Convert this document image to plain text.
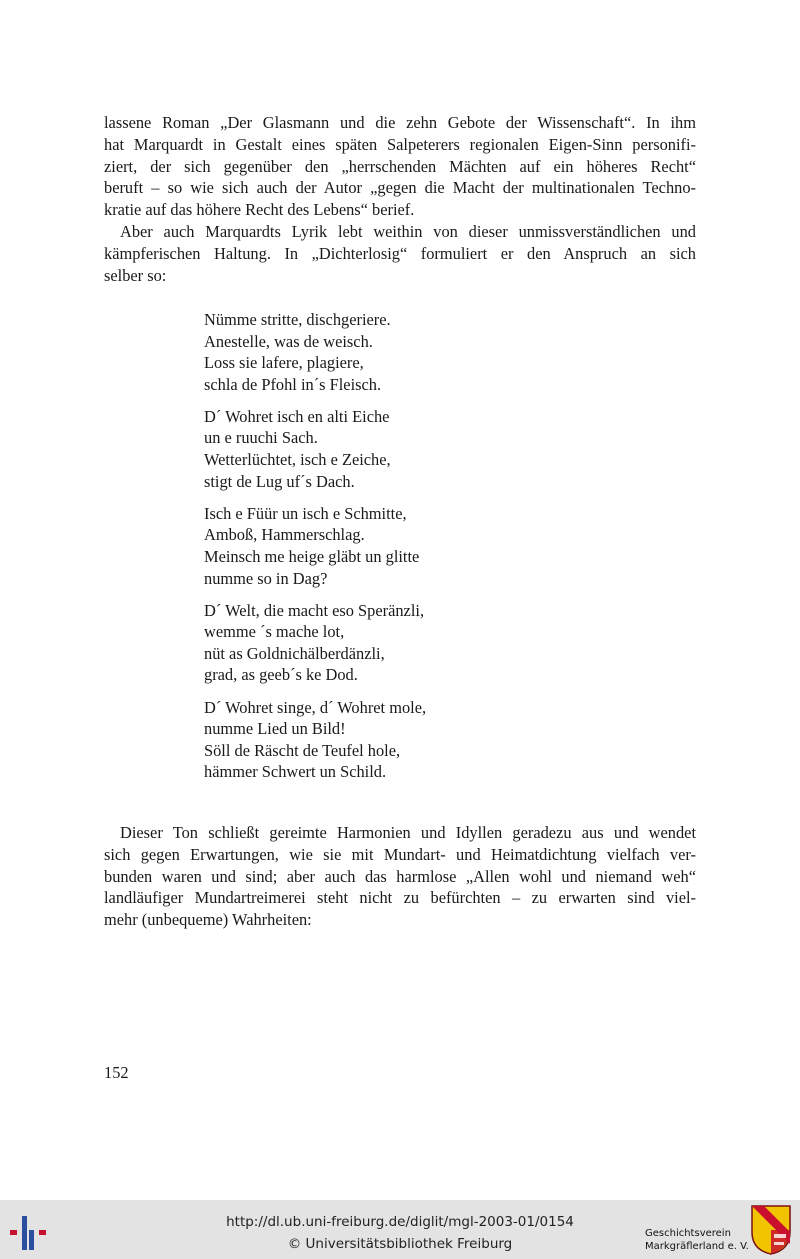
lassene Roman „Der Glasmann und die zehn Gebote der Wissenschaft“. In ihm
hat Marquardt in Gestalt eines späten Salpeterers regionalen Eigen-Sinn personifi-
ziert, der sich gegenüber den „herrschenden Mächten auf ein höheres Recht“
beruft – so wie sich auch der Autor „gegen die Macht der multinationalen Techno-
kratie auf das höhere Recht des Lebens“ berief.
Aber auch Marquardts Lyrik lebt weithin von dieser unmissverständlichen und
kämpferischen Haltung. In „Dichterlosig“ formuliert er den Anspruch an sich
selber so:
Nümme stritte, dischgeriere.
Anestelle, was de weisch.
Loss sie lafere, plagiere,
schla de Pfohl in´s Fleisch.
D´ Wohret isch en alti Eiche
un e ruuchi Sach.
Wetterlüchtet, isch e Zeiche,
stigt de Lug uf´s Dach.
Isch e Füür un isch e Schmitte,
Amboß, Hammerschlag.
Meinsch me heige gläbt un glitte
numme so in Dag?
D´ Welt, die macht eso Speränzli,
wemme ´s mache lot,
nüt as Goldnichälberdänzli,
grad, as geeb´s ke Dod.
D´ Wohret singe, d´ Wohret mole,
numme Lied un Bild!
Söll de Räscht de Teufel hole,
hämmer Schwert un Schild.
Dieser Ton schließt gereimte Harmonien und Idyllen geradezu aus und wendet
sich gegen Erwartungen, wie sie mit Mundart- und Heimatdichtung vielfach ver-
bunden waren und sind; aber auch das harmlose „Allen wohl und niemand weh“
landläufiger Mundartreimerei steht nicht zu befürchten – zu erwarten sind viel-
mehr (unbequeme) Wahrheiten:
152
http://dl.ub.uni-freiburg.de/diglit/mgl-2003-01/0154
© Universitätsbibliothek Freiburg
Geschichtsverein
Markgräflerland e. V.
